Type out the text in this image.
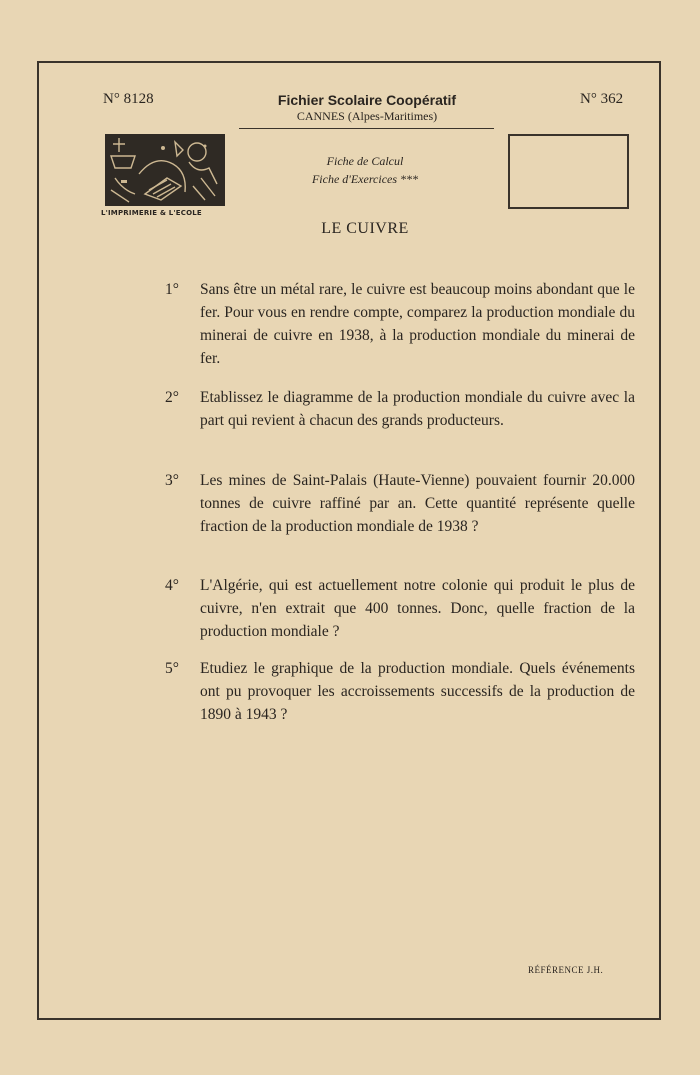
N° 8128	N° 362
Fichier Scolaire Coopératif
CANNES (Alpes-Maritimes)
L'IMPRIMERIE & L'ECOLE
Fiche de Calcul
Fiche d'Exercices ***
LE CUIVRE
1°	Sans être un métal rare, le cuivre est beaucoup moins abondant que le fer. Pour vous en rendre compte, comparez la production mondiale du minerai de cuivre en 1938, à la production mondiale du minerai de fer.
2°	Etablissez le diagramme de la production mondiale du cuivre avec la part qui revient à chacun des grands producteurs.
3°	Les mines de Saint-Palais (Haute-Vienne) pouvaient fournir 20.000 tonnes de cuivre raffiné par an. Cette quantité représente quelle fraction de la production mondiale de 1938 ?
4°	L'Algérie, qui est actuellement notre colonie qui produit le plus de cuivre, n'en extrait que 400 tonnes. Donc, quelle fraction de la production mondiale ?
5°	Etudiez le graphique de la production mondiale. Quels événements ont pu provoquer les accroissements successifs de la production de 1890 à 1943 ?
RÉFÉRENCE J.H.
